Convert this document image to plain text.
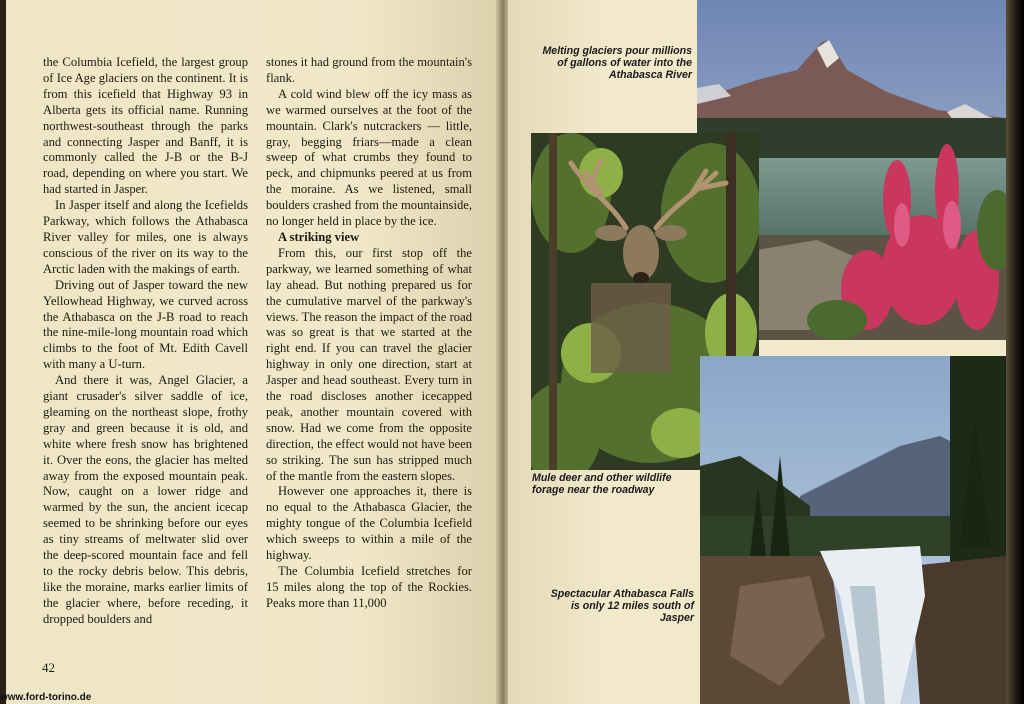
the Columbia Icefield, the largest group of Ice Age glaciers on the continent. It is from this icefield that Highway 93 in Alberta gets its official name. Running northwest-southeast through the parks and connecting Jasper and Banff, it is commonly called the J-B or the B-J road, depending on where you start. We had started in Jasper.

In Jasper itself and along the Icefields Parkway, which follows the Athabasca River valley for miles, one is always conscious of the river on its way to the Arctic laden with the makings of earth.

Driving out of Jasper toward the new Yellowhead Highway, we curved across the Athabasca on the J-B road to reach the nine-mile-long mountain road which climbs to the foot of Mt. Edith Cavell with many a U-turn.

And there it was, Angel Glacier, a giant crusader's silver saddle of ice, gleaming on the northeast slope, frothy gray and green because it is old, and white where fresh snow has brightened it. Over the eons, the glacier has melted away from the exposed mountain peak. Now, caught on a lower ridge and warmed by the sun, the ancient icecap seemed to be shrinking before our eyes as tiny streams of meltwater slid over the deep-scored mountain face and fell to the rocky debris below. This debris, like the moraine, marks earlier limits of the glacier where, before receding, it dropped boulders and

stones it had ground from the mountain's flank.

A cold wind blew off the icy mass as we warmed ourselves at the foot of the mountain. Clark's nutcrackers — little, gray, begging friars—made a clean sweep of what crumbs they found to peck, and chipmunks peered at us from the moraine. As we listened, small boulders crashed from the mountainside, no longer held in place by the ice.

A striking view

From this, our first stop off the parkway, we learned something of what lay ahead. But nothing prepared us for the cumulative marvel of the parkway's views. The reason the impact of the road was so great is that we started at the right end. If you can travel the glacier highway in only one direction, start at Jasper and head southeast. Every turn in the road discloses another icecapped peak, another mountain covered with snow. Had we come from the opposite direction, the effect would not have been so striking. The sun has stripped much of the mantle from the eastern slopes.

However one approaches it, there is no equal to the Athabasca Glacier, the mighty tongue of the Columbia Icefield which sweeps to within a mile of the highway.

The Columbia Icefield stretches for 15 miles along the top of the Rockies. Peaks more than 11,000

42
www.ford-torino.de
Melting glaciers pour millions of gallons of water into the Athabasca River
Mule deer and other wildlife forage near the roadway
Spectacular Athabasca Falls is only 12 miles south of Jasper
